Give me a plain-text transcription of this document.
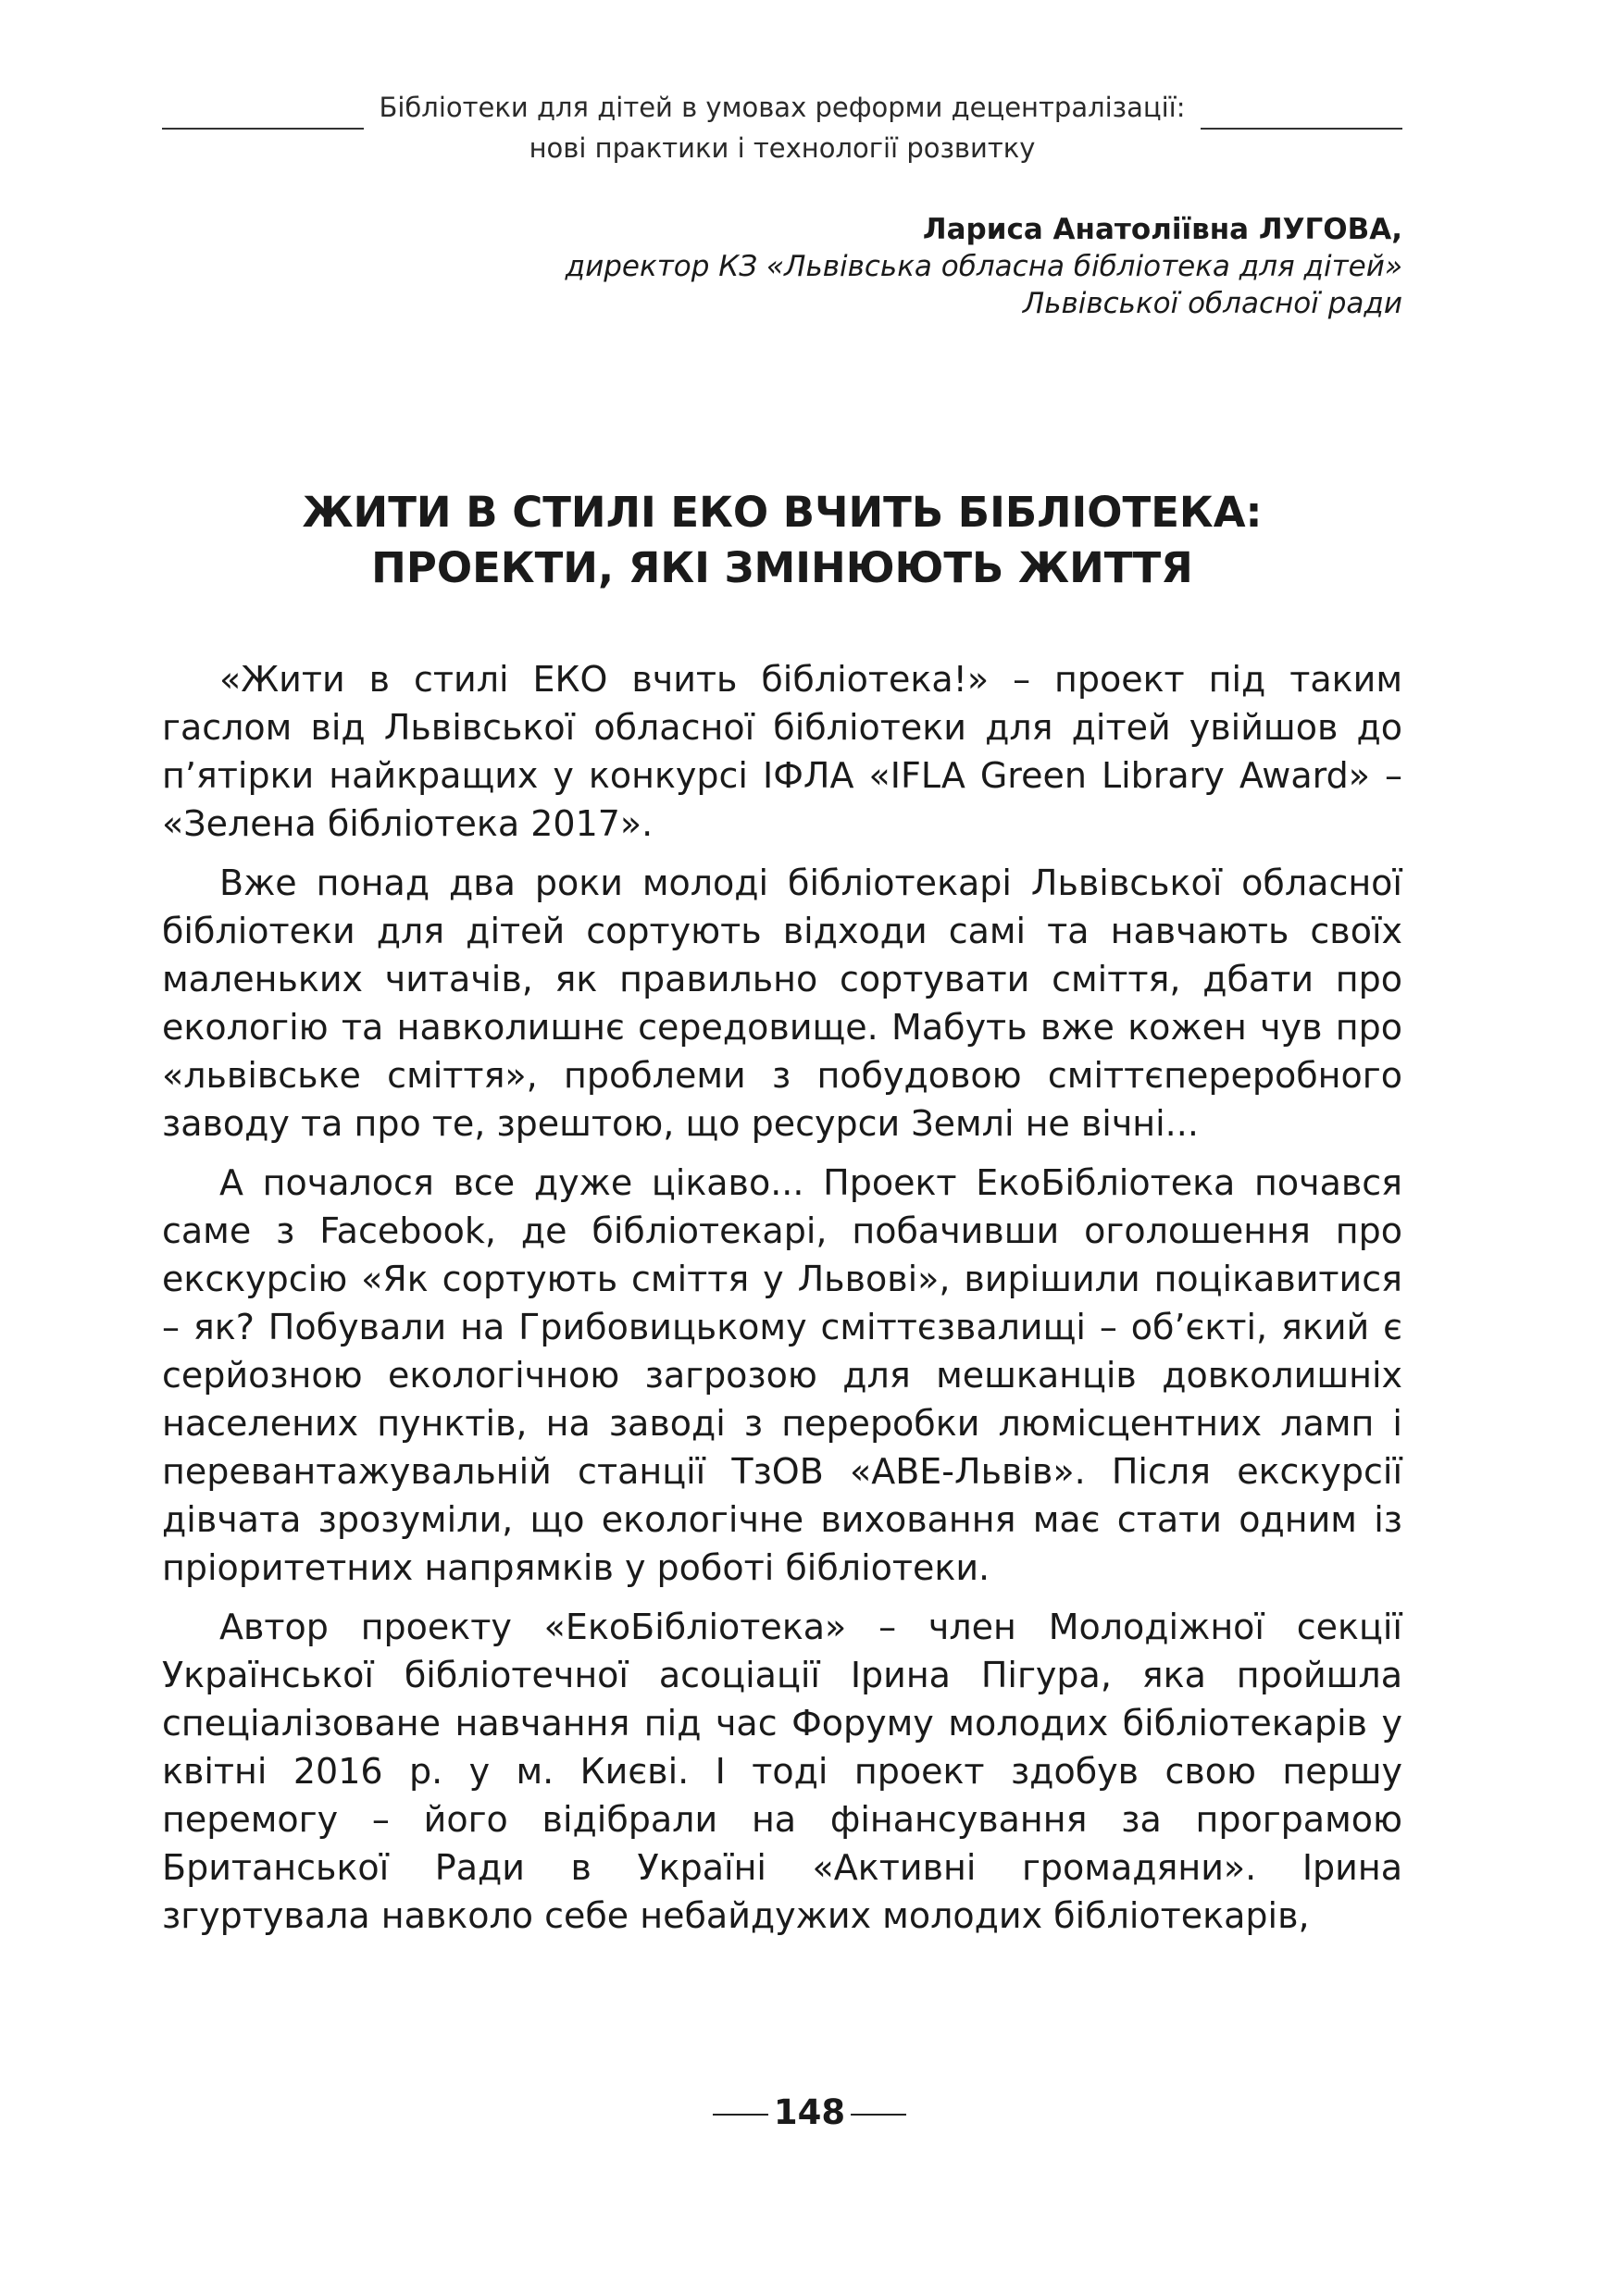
Бібліотеки для дітей в умовах реформи децентралізації:
нові практики і технології розвитку
Лариса Анатоліївна ЛУГОВА,
директор КЗ «Львівська обласна бібліотека для дітей»
Львівської обласної ради
ЖИТИ В СТИЛІ ЕКО ВЧИТЬ БІБЛІОТЕКА:
ПРОЕКТИ, ЯКІ ЗМІНЮЮТЬ ЖИТТЯ

«Жити в стилі ЕКО вчить бібліотека!» – проект під таким гаслом від Львівської обласної бібліотеки для дітей увійшов до п’ятірки найкращих у конкурсі ІФЛА «IFLA Green Library Award» – «Зелена бібліотека 2017».

Вже понад два роки молоді бібліотекарі Львівської обласної бібліотеки для дітей сортують відходи самі та навчають своїх маленьких читачів, як правильно сортувати сміття, дбати про екологію та навколишнє середовище. Мабуть вже кожен чув про «львівське сміття», проблеми з побудовою сміттєпереробного заводу та про те, зрештою, що ресурси Землі не вічні...

А почалося все дуже цікаво... Проект ЕкоБібліотека почався саме з Facebook, де бібліотекарі, побачивши оголошення про екскурсію «Як сортують сміття у Львові», вирішили поцікавитися – як? Побували на Грибовицькому сміттєзвалищі – об’єкті, який є серйозною екологічною загрозою для мешканців довколишніх населених пунктів, на заводі з переробки люмісцентних ламп і перевантажувальній станції ТзОВ «АВЕ-Львів». Після екскурсії дівчата зрозуміли, що екологічне виховання має стати одним із пріоритетних напрямків у роботі бібліотеки.

Автор проекту «ЕкоБібліотека» – член Молодіжної секції Української бібліотечної асоціації Ірина Пігура, яка пройшла спеціалізоване навчання під час Форуму молодих бібліотекарів у квітні 2016 р. у м. Києві. І тоді проект здобув свою першу перемогу – його відібрали на фінансування за програмою Британської Ради в Україні «Активні громадяни». Ірина згуртувала навколо себе небайдужих молодих бібліотекарів,

148
